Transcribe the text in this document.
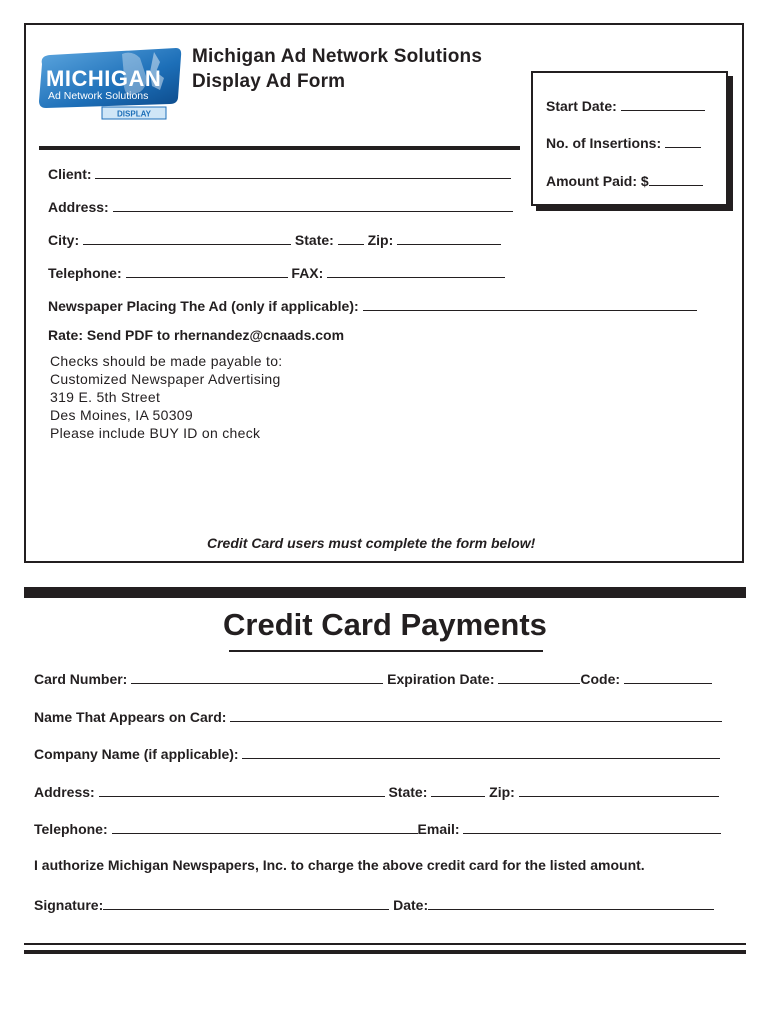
MICHIGAN
Ad Network Solutions
DISPLAY
Michigan Ad Network Solutions
Display Ad Form
Start Date:
No. of Insertions:
Amount Paid: $
Client:
Address:
City:	State: Zip:
Telephone:	FAX:
Newspaper Placing The Ad (only if applicable):
Rate: Send PDF to rhernandez@cnaads.com
Checks should be made payable to:
Customized Newspaper Advertising
319 E. 5th Street
Des Moines, IA 50309
Please include BUY ID on check
Credit Card users must complete the form below!
Credit Card Payments
Card Number:	Expiration Date:	Code:
Name That Appears on Card:
Company Name (if applicable):
Address:	State:	Zip:
Telephone:	Email:
I authorize Michigan Newspapers, Inc. to charge the above credit card for the listed amount.
Signature:	Date:
